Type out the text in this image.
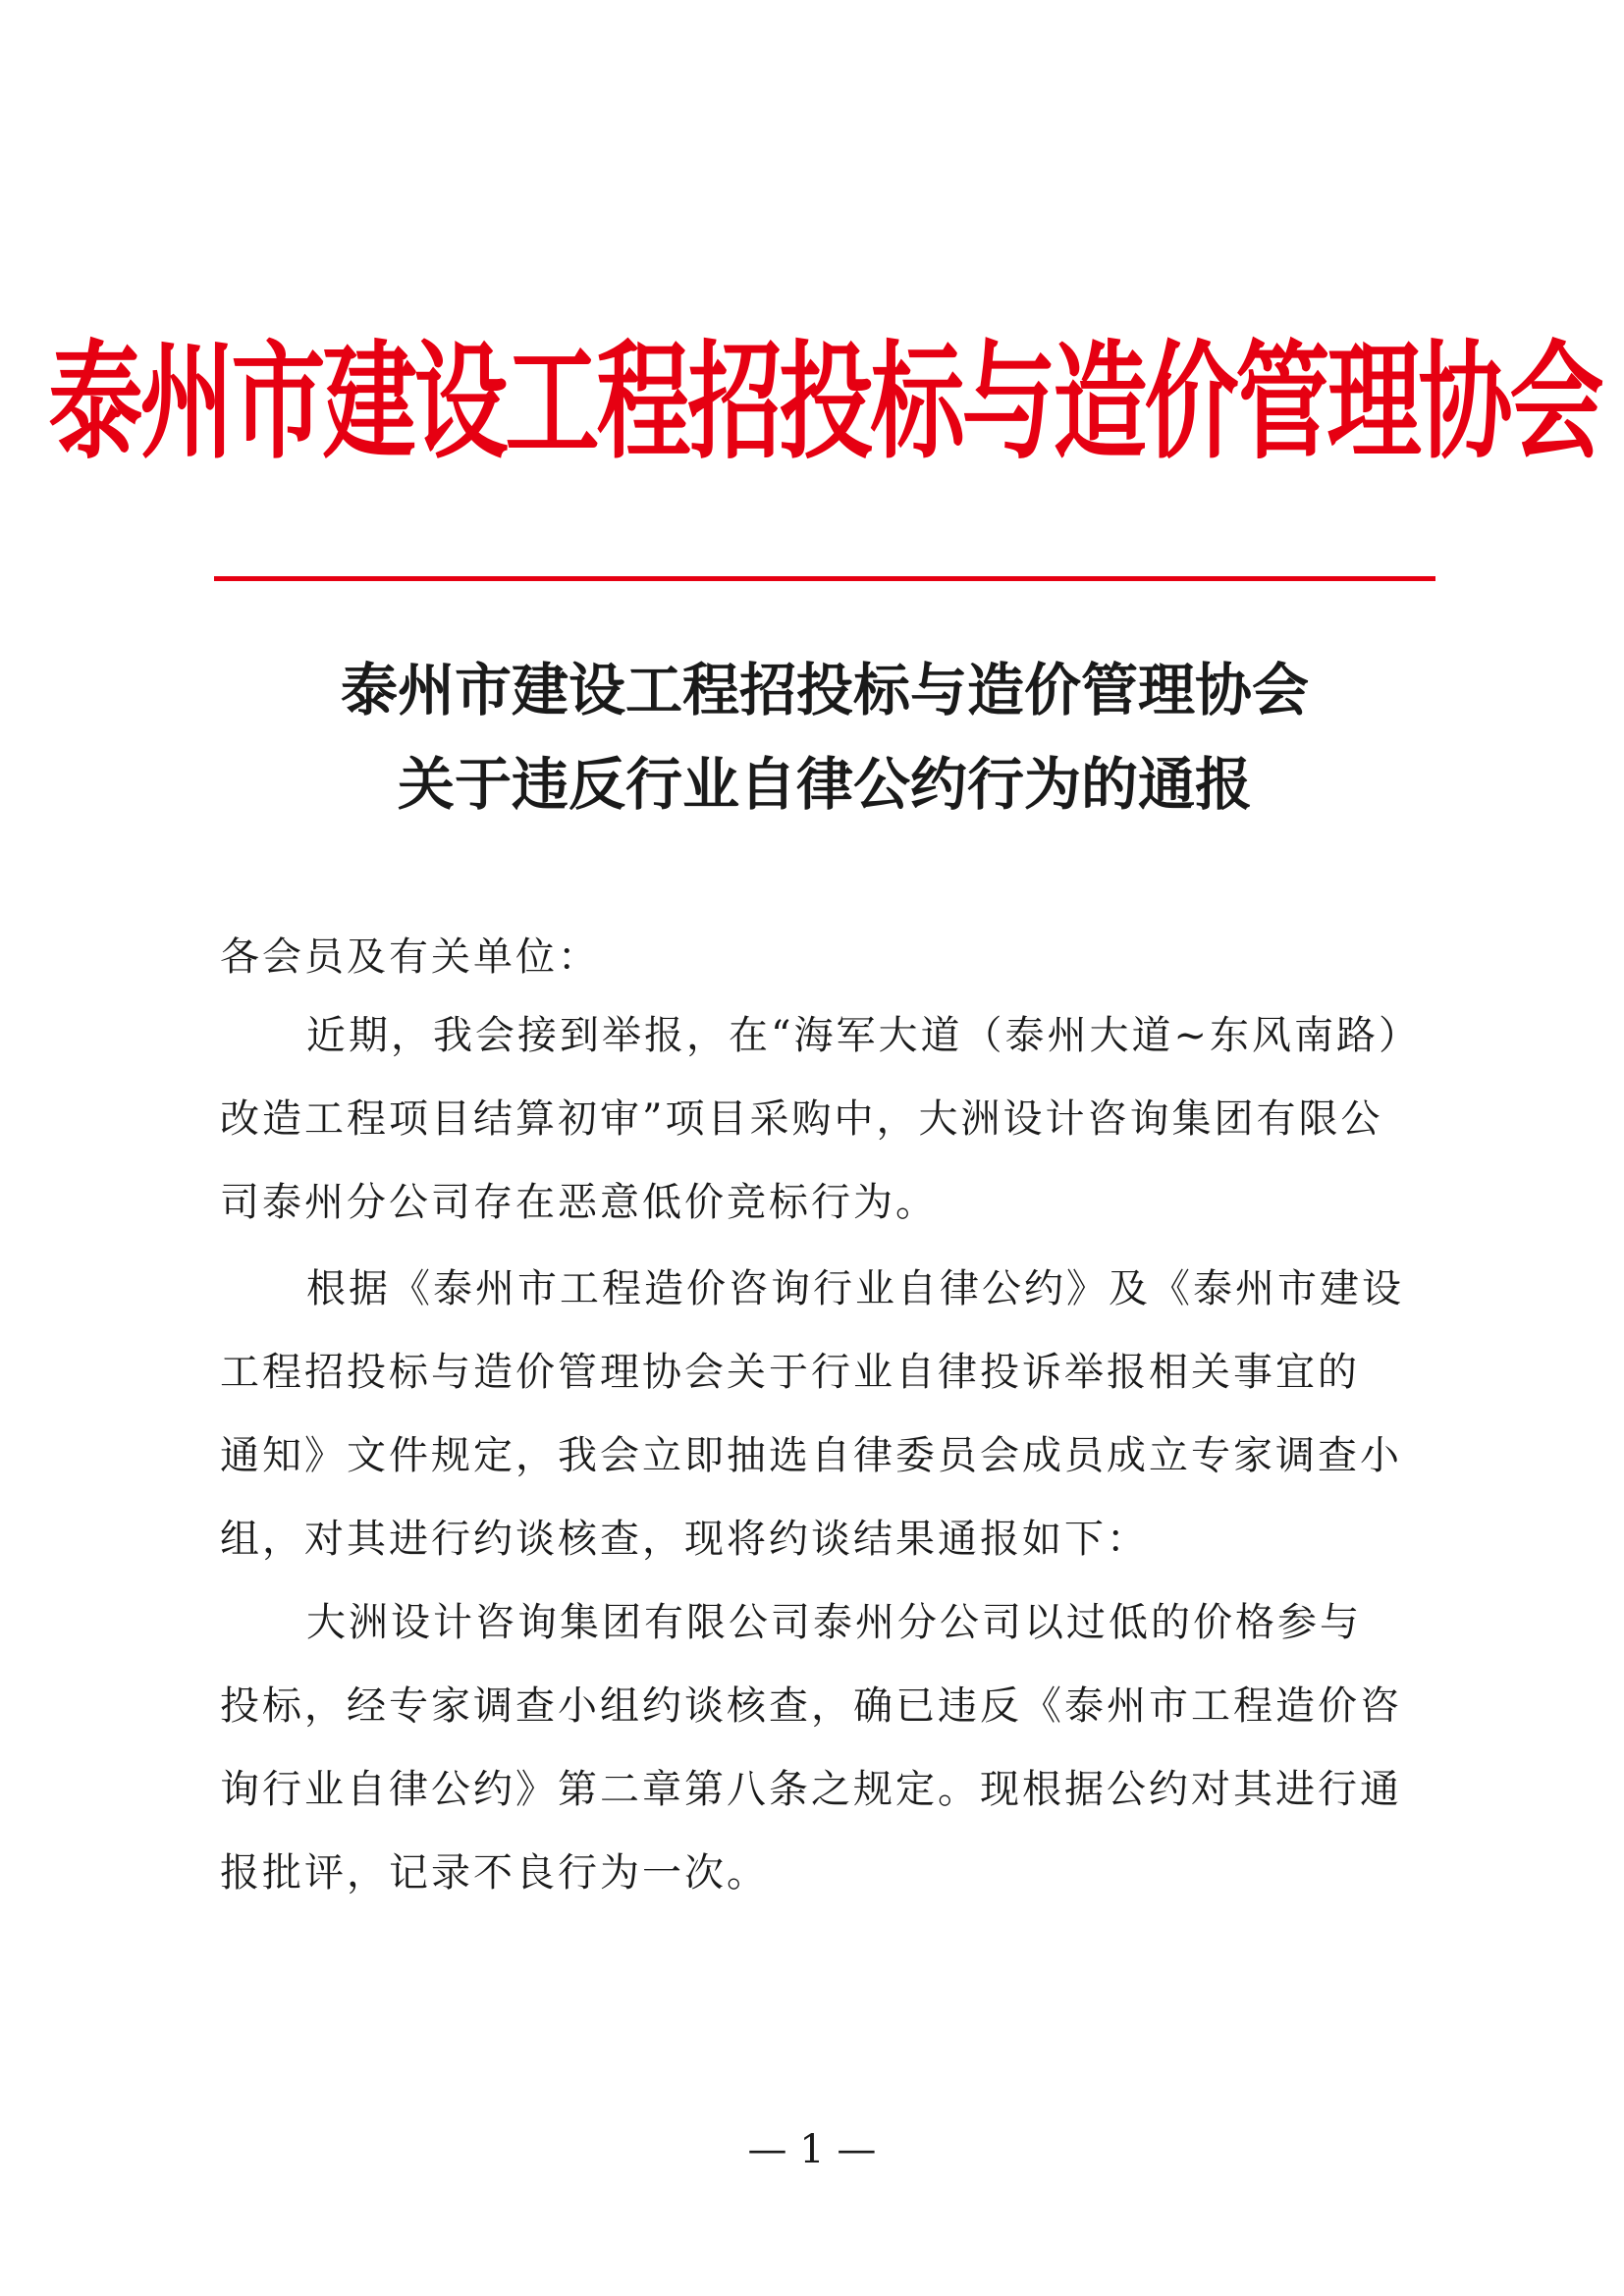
泰州市建设工程招投标与造价管理协会
泰州市建设工程招投标与造价管理协会
关于违反行业自律公约行为的通报
各会员及有关单位：
近期，我会接到举报，在“海军大道（泰州大道~东风南路）
改造工程项目结算初审”项目采购中，大洲设计咨询集团有限公
司泰州分公司存在恶意低价竞标行为。
根据《泰州市工程造价咨询行业自律公约》及《泰州市建设
工程招投标与造价管理协会关于行业自律投诉举报相关事宜的
通知》文件规定，我会立即抽选自律委员会成员成立专家调查小
组，对其进行约谈核查，现将约谈结果通报如下：
大洲设计咨询集团有限公司泰州分公司以过低的价格参与
投标，经专家调查小组约谈核查，确已违反《泰州市工程造价咨
询行业自律公约》第二章第八条之规定。现根据公约对其进行通
报批评，记录不良行为一次。
— 1 —
